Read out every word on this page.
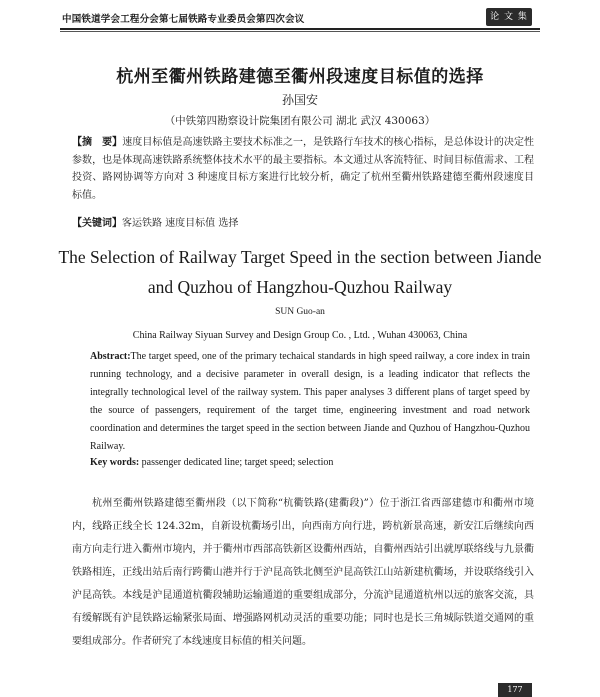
中国铁道学会工程分会第七届铁路专业委员会第四次会议	论 文 集
杭州至衢州铁路建德至衢州段速度目标值的选择
孙国安
（中铁第四勘察设计院集团有限公司 湖北 武汉 430063）
【摘　要】速度目标值是高速铁路主要技术标准之一，是铁路行车技术的核心指标，是总体设计的决定性参数，也是体现高速铁路系统整体技术水平的最主要指标。本文通过从客流特征、时间目标值需求、工程投资、路网协调等方向对 3 种速度目标方案进行比较分析，确定了杭州至衢州铁路建德至衢州段速度目标值。
【关键词】客运铁路 速度目标值 选择
The Selection of Railway Target Speed in the section between Jiande
and Quzhou of Hangzhou-Quzhou Railway
SUN Guo-an
China Railway Siyuan Survey and Design Group Co. , Ltd. , Wuhan 430063, China
Abstract:The target speed, one of the primary techaical standards in high speed railway, a core index in train running technology, and a decisive parameter in overall design, is a leading indicator that reflects the integrally technological level of the railway system. This paper analyses 3 different plans of target speed by the source of passengers, requirement of the target time, engineering investment and road network coordination and determines the target speed in the section between Jiande and Quzhou of Hangzhou-Quzhou Railway.
Key words: passenger dedicated line; target speed; selection
杭州至衢州铁路建德至衢州段（以下简称“杭衢铁路(建衢段)”）位于浙江省西部建德市和衢州市境内，线路正线全长 124.32m，自新设杭衢场引出，向西南方向行进，跨杭新景高速，新安江后继续向西南方向走行进入衢州市境内，并于衢州市西部高铁新区设衢州西站，自衢州西站引出就厚联络线与九景衢铁路相连，正线出站后南行跨衢山港并行于沪昆高铁北侧至沪昆高铁江山站新建杭衢场，并设联络线引入沪昆高铁。本线是沪昆通道杭衢段辅助运输通道的重要组成部分，分流沪昆通道杭州以远的旅客交流，具有缓解既有沪昆铁路运输紧张局面、增强路网机动灵活的重要功能；同时也是长三角城际铁道交通网的重要组成部分。作者研究了本线速度目标值的相关问题。
177
